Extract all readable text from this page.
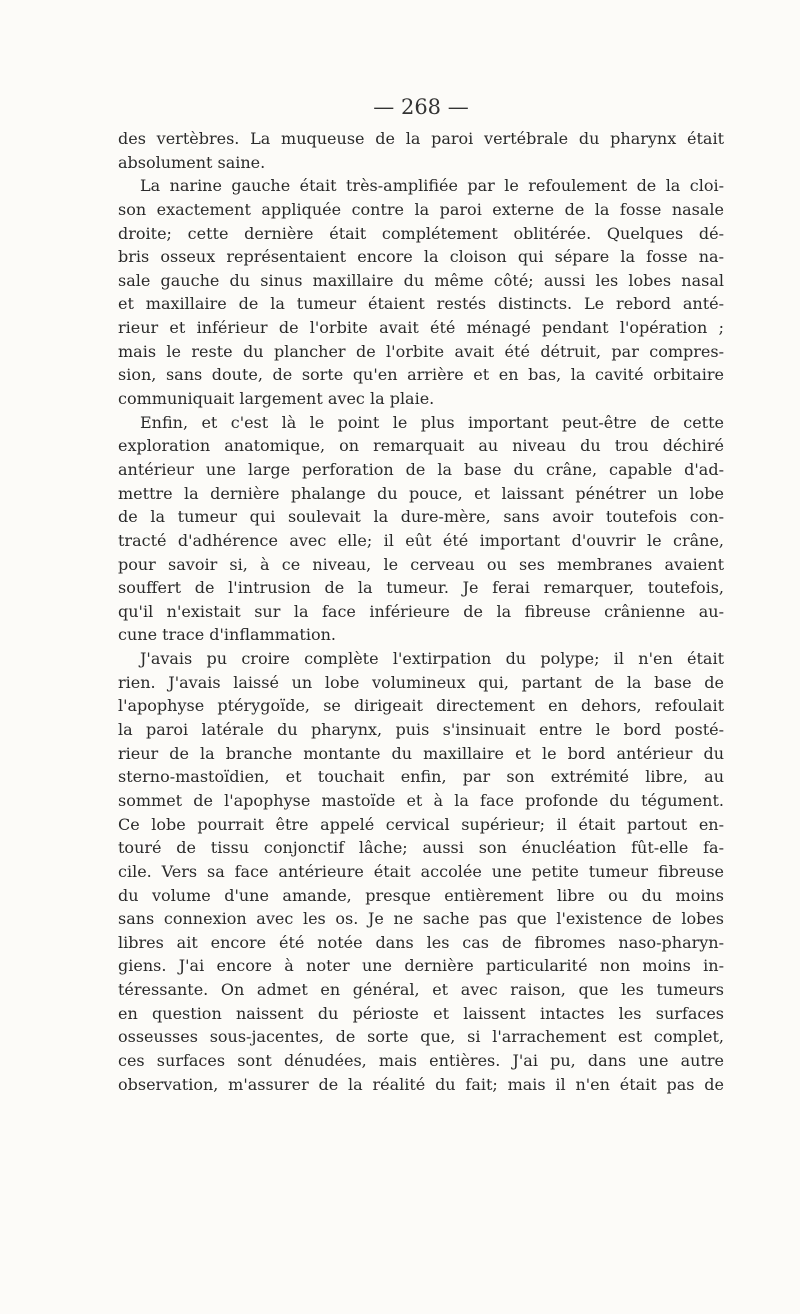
— 268 —
des vertèbres. La muqueuse de la paroi vertébrale du pharynx était
absolument saine.
La narine gauche était très-amplifiée par le refoulement de la cloi-
son exactement appliquée contre la paroi externe de la fosse nasale
droite; cette dernière était complétement oblitérée. Quelques dé-
bris osseux représentaient encore la cloison qui sépare la fosse na-
sale gauche du sinus maxillaire du même côté; aussi les lobes nasal
et maxillaire de la tumeur étaient restés distincts. Le rebord anté-
rieur et inférieur de l'orbite avait été ménagé pendant l'opération ;
mais le reste du plancher de l'orbite avait été détruit, par compres-
sion, sans doute, de sorte qu'en arrière et en bas, la cavité orbitaire
communiquait largement avec la plaie.
Enfin, et c'est là le point le plus important peut-être de cette
exploration anatomique, on remarquait au niveau du trou déchiré
antérieur une large perforation de la base du crâne, capable d'ad-
mettre la dernière phalange du pouce, et laissant pénétrer un lobe
de la tumeur qui soulevait la dure-mère, sans avoir toutefois con-
tracté d'adhérence avec elle; il eût été important d'ouvrir le crâne,
pour savoir si, à ce niveau, le cerveau ou ses membranes avaient
souffert de l'intrusion de la tumeur. Je ferai remarquer, toutefois,
qu'il n'existait sur la face inférieure de la fibreuse crânienne au-
cune trace d'inflammation.
J'avais pu croire complète l'extirpation du polype; il n'en était
rien. J'avais laissé un lobe volumineux qui, partant de la base de
l'apophyse ptérygoïde, se dirigeait directement en dehors, refoulait
la paroi latérale du pharynx, puis s'insinuait entre le bord posté-
rieur de la branche montante du maxillaire et le bord antérieur du
sterno-mastoïdien, et touchait enfin, par son extrémité libre, au
sommet de l'apophyse mastoïde et à la face profonde du tégument.
Ce lobe pourrait être appelé cervical supérieur; il était partout en-
touré de tissu conjonctif lâche; aussi son énucléation fût-elle fa-
cile. Vers sa face antérieure était accolée une petite tumeur fibreuse
du volume d'une amande, presque entièrement libre ou du moins
sans connexion avec les os. Je ne sache pas que l'existence de lobes
libres ait encore été notée dans les cas de fibromes naso-pharyn-
giens. J'ai encore à noter une dernière particularité non moins in-
téressante. On admet en général, et avec raison, que les tumeurs
en question naissent du périoste et laissent intactes les surfaces
osseusses sous-jacentes, de sorte que, si l'arrachement est complet,
ces surfaces sont dénudées, mais entières. J'ai pu, dans une autre
observation, m'assurer de la réalité du fait; mais il n'en était pas de
